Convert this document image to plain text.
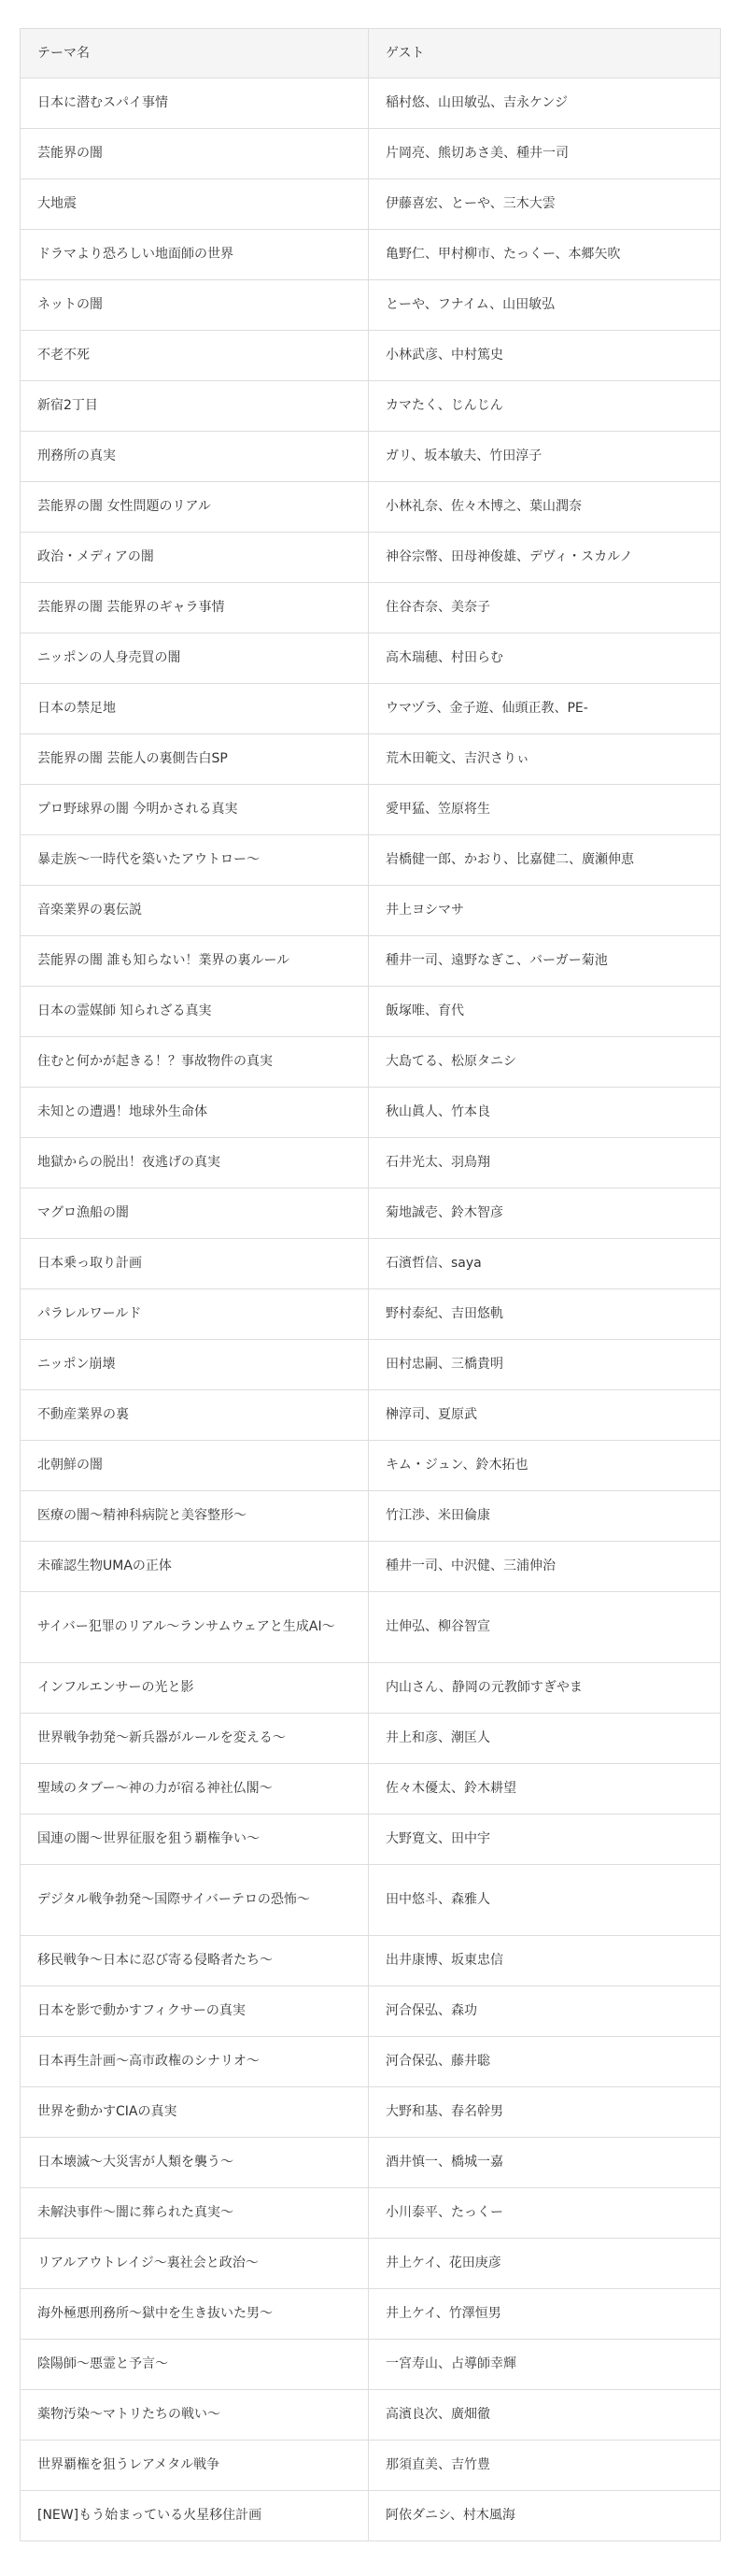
テーマ名	ゲスト
日本に潜むスパイ事情	稲村悠、山田敏弘、吉永ケンジ
芸能界の闇	片岡亮、熊切あさ美、種井一司
大地震	伊藤喜宏、とーや、三木大雲
ドラマより恐ろしい地面師の世界	亀野仁、甲村柳市、たっくー、本郷矢吹
ネットの闇	とーや、フナイム、山田敏弘
不老不死	小林武彦、中村篤史
新宿2丁目	カマたく、じんじん
刑務所の真実	ガリ、坂本敏夫、竹田淳子
芸能界の闇 女性問題のリアル	小林礼奈、佐々木博之、葉山潤奈
政治・メディアの闇	神谷宗幣、田母神俊雄、デヴィ・スカルノ
芸能界の闇 芸能界のギャラ事情	住谷杏奈、美奈子
ニッポンの人身売買の闇	高木瑞穂、村田らむ
日本の禁足地	ウマヅラ、金子遊、仙頭正教、PE-
芸能界の闇 芸能人の裏側告白SP	荒木田範文、吉沢さりぃ
プロ野球界の闇 今明かされる真実	愛甲猛、笠原将生
暴走族〜一時代を築いたアウトロー〜	岩橋健一郎、かおり、比嘉健二、廣瀬伸恵
音楽業界の裏伝説	井上ヨシマサ
芸能界の闇 誰も知らない！業界の裏ルール	種井一司、遠野なぎこ、バーガー菊池
日本の霊媒師 知られざる真実	飯塚唯、育代
住むと何かが起きる！？事故物件の真実	大島てる、松原タニシ
未知との遭遇！地球外生命体	秋山眞人、竹本良
地獄からの脱出！夜逃げの真実	石井光太、羽鳥翔
マグロ漁船の闇	菊地誠壱、鈴木智彦
日本乗っ取り計画	石濱哲信、saya
パラレルワールド	野村泰紀、吉田悠軌
ニッポン崩壊	田村忠嗣、三橋貴明
不動産業界の裏	榊淳司、夏原武
北朝鮮の闇	キム・ジュン、鈴木拓也
医療の闇〜精神科病院と美容整形〜	竹江渉、米田倫康
未確認生物UMAの正体	種井一司、中沢健、三浦伸治
サイバー犯罪のリアル〜ランサムウェアと生成AI〜	辻伸弘、柳谷智宣
インフルエンサーの光と影	内山さん、静岡の元教師すぎやま
世界戦争勃発〜新兵器がルールを変える〜	井上和彦、潮匡人
聖域のタブー〜神の力が宿る神社仏閣〜	佐々木優太、鈴木耕望
国連の闇〜世界征服を狙う覇権争い〜	大野寛文、田中宇
デジタル戦争勃発〜国際サイバーテロの恐怖〜	田中悠斗、森雅人
移民戦争〜日本に忍び寄る侵略者たち〜	出井康博、坂東忠信
日本を影で動かすフィクサーの真実	河合保弘、森功
日本再生計画〜高市政権のシナリオ〜	河合保弘、藤井聡
世界を動かすCIAの真実	大野和基、春名幹男
日本壊滅〜大災害が人類を襲う〜	酒井慎一、橋城一嘉
未解決事件〜闇に葬られた真実〜	小川泰平、たっくー
リアルアウトレイジ〜裏社会と政治〜	井上ケイ、花田庚彦
海外極悪刑務所〜獄中を生き抜いた男〜	井上ケイ、竹澤恒男
陰陽師〜悪霊と予言〜	一宮寿山、占導師幸輝
薬物汚染〜マトリたちの戦い〜	高濱良次、廣畑徹
世界覇権を狙うレアメタル戦争	那須直美、吉竹豊
[NEW]もう始まっている火星移住計画	阿依ダニシ、村木風海
